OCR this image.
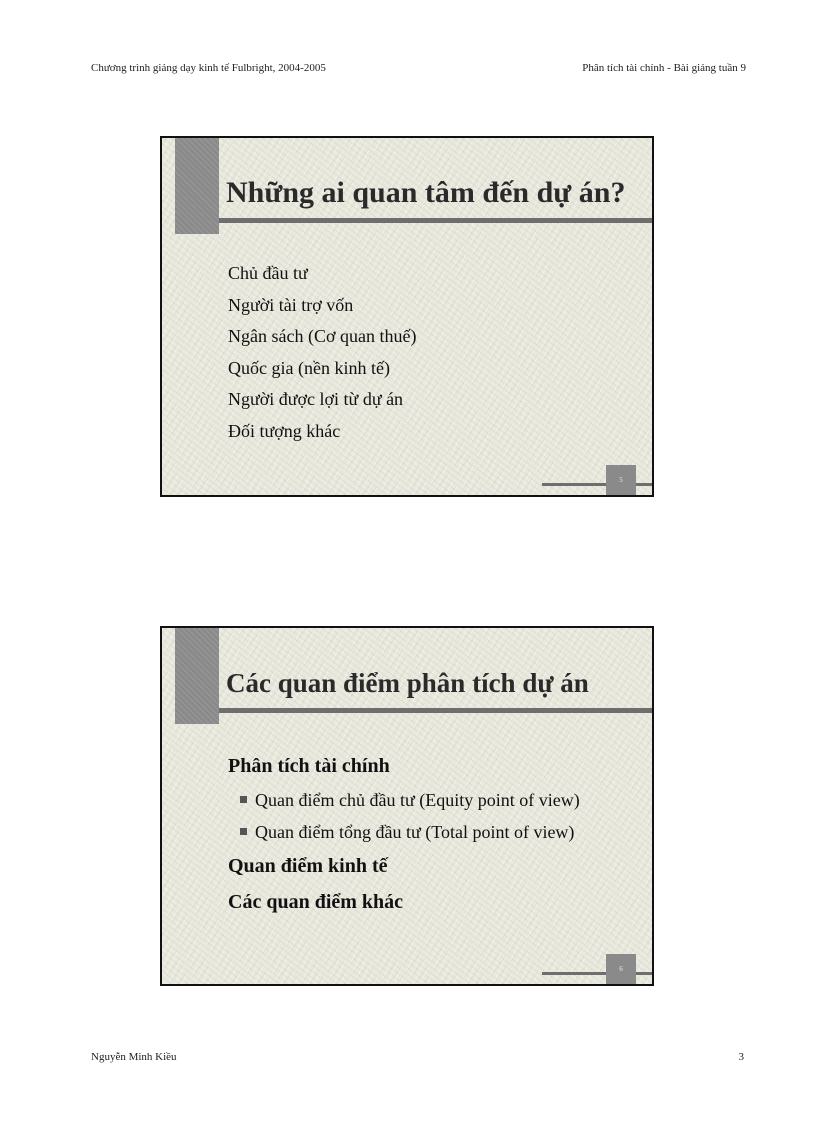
Chương trình giảng dạy kinh tế Fulbright, 2004-2005	Phân tích tài chính - Bài giảng tuần 9
Những ai quan tâm đến dự án?
Chủ đầu tư
Người tài trợ vốn
Ngân sách (Cơ quan thuế)
Quốc gia (nền kinh tế)
Người được lợi từ dự án
Đối tượng khác
5
Các quan điểm phân tích dự án
Phân tích tài chính
Quan điểm chủ đầu tư (Equity point of view)
Quan điểm tổng đầu tư (Total point of view)
Quan điểm kinh tế
Các quan điểm khác
6
Nguyễn Minh Kiều	3
